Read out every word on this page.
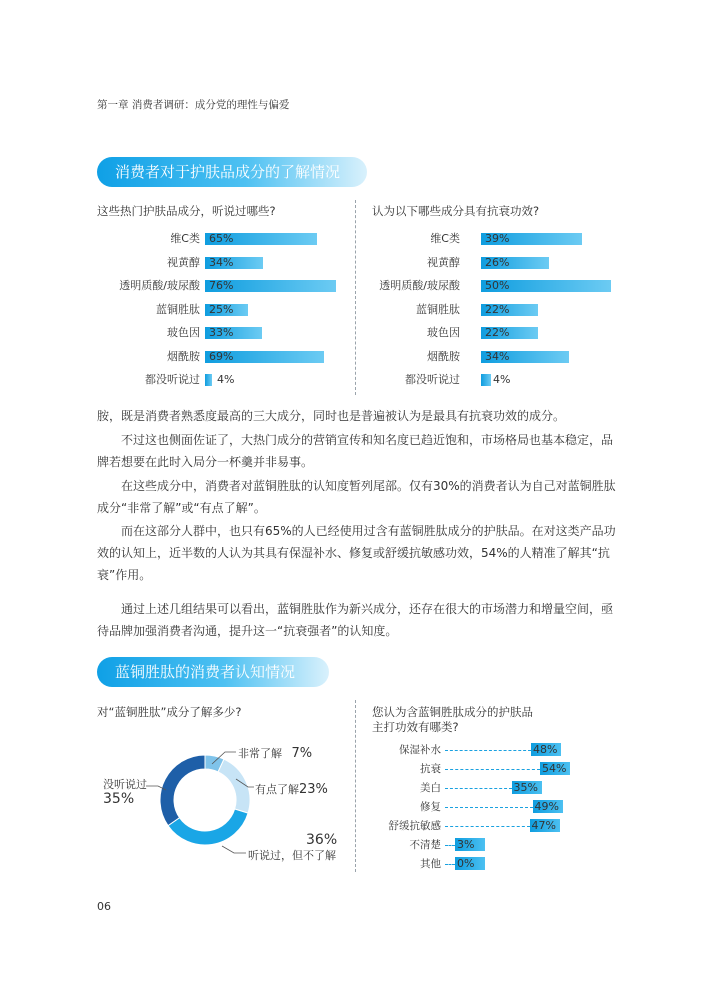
第一章 消费者调研：成分党的理性与偏爱
消费者对于护肤品成分的了解情况
这些热门护肤品成分，听说过哪些?	认为以下哪些成分具有抗衰功效?
胺，既是消费者熟悉度最高的三大成分，同时也是普遍被认为是最具有抗衰功效的成分。
不过这也侧面佐证了，大热门成分的营销宣传和知名度已趋近饱和，市场格局也基本稳定，品牌若想要在此时入局分一杯羹并非易事。
在这些成分中，消费者对蓝铜胜肽的认知度暂列尾部。仅有30%的消费者认为自己对蓝铜胜肽成分“非常了解”或“有点了解”。
而在这部分人群中，也只有65%的人已经使用过含有蓝铜胜肽成分的护肤品。在对这类产品功效的认知上，近半数的人认为其具有保湿补水、修复或舒缓抗敏感功效，54%的人精准了解其“抗衰”作用。
通过上述几组结果可以看出，蓝铜胜肽作为新兴成分，还存在很大的市场潜力和增量空间，亟待品牌加强消费者沟通，提升这一“抗衰强者”的认知度。
蓝铜胜肽的消费者认知情况
对“蓝铜胜肽”成分了解多少?	您认为含蓝铜胜肽成分的护肤品
主打功效有哪类?
非常了解 7%
有点了解23%
36%
听说过，但不了解
没听说过
35%
06
维C类 65%
视黄醇 34%
透明质酸/玻尿酸 76%
蓝铜胜肽 25%
玻色因 33%
烟酰胺 69%
都没听说过 4%
维C类 39%
视黄醇 26%
透明质酸/玻尿酸 50%
蓝铜胜肽 22%
玻色因 22%
烟酰胺 34%
都没听说过	4%
保湿补水	48%
抗衰	54%
美白	35%
修复	49%
舒缓抗敏感	47%
不清楚 3%
其他 0%
